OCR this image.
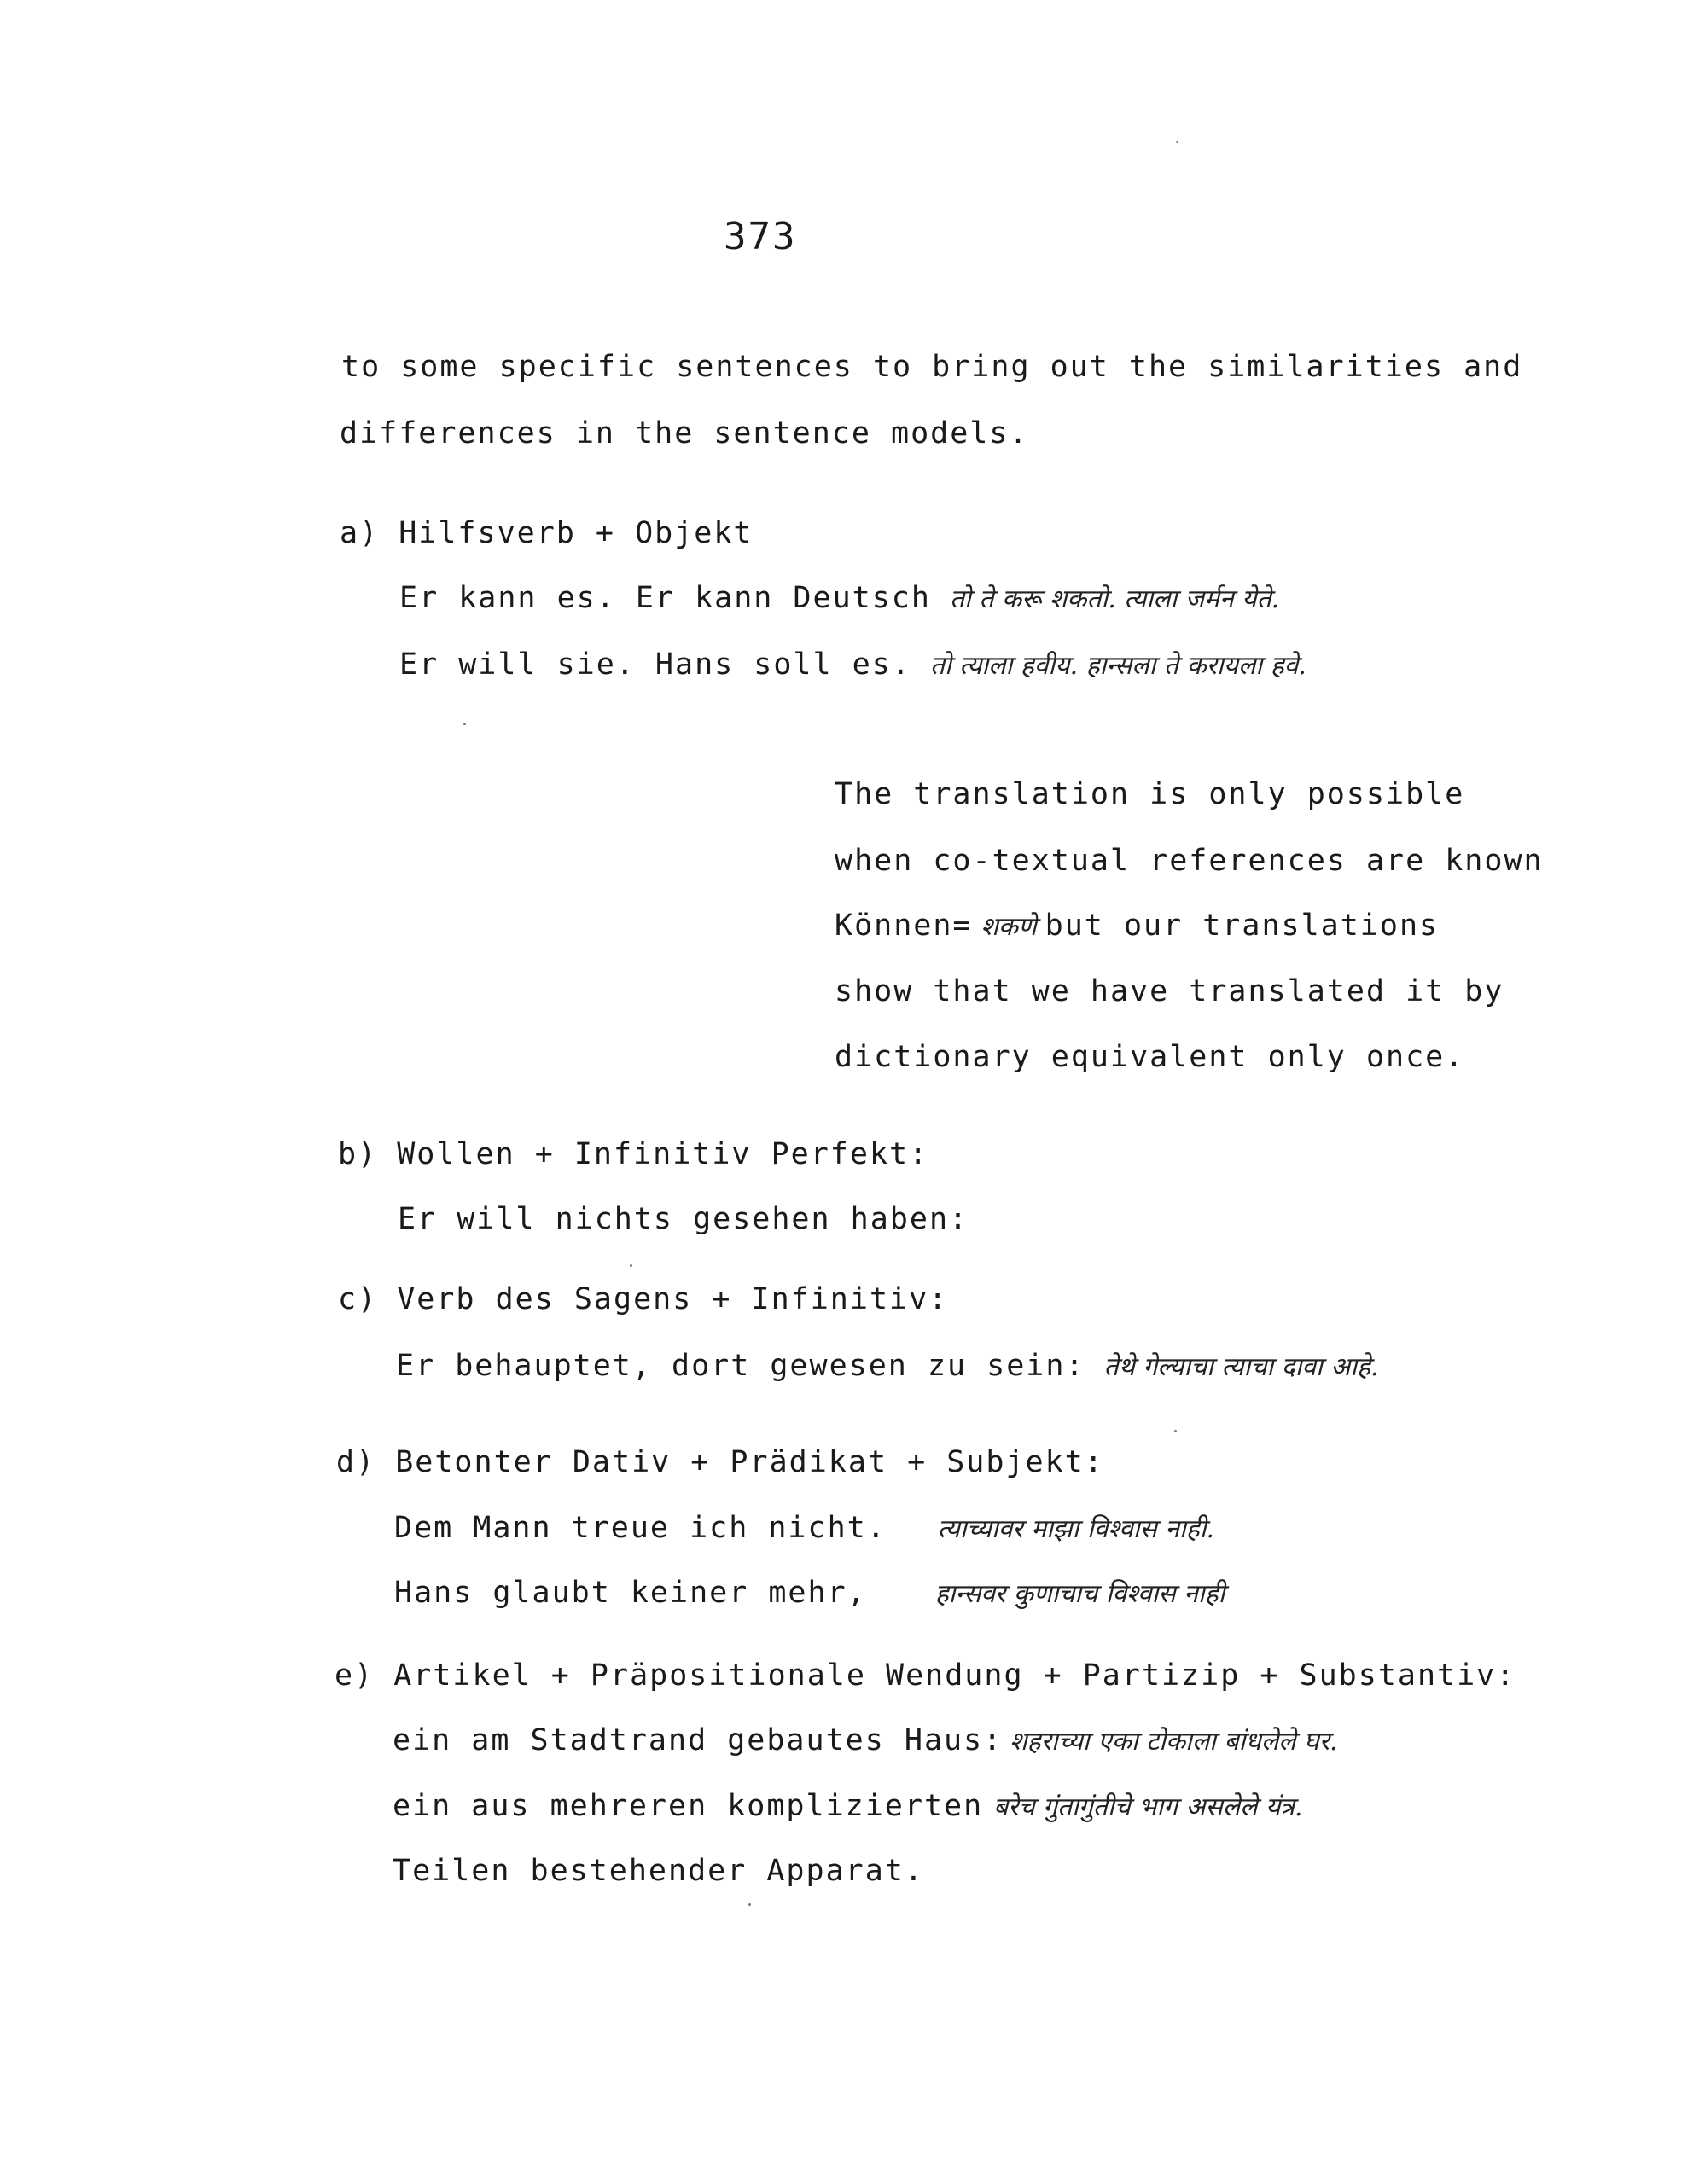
373
to some specific sentences to bring out the similarities and
differences in the sentence models.
a) Hilfsverb + Objekt
Er kann es. Er kann Deutsch तो ते करू शकतो. त्याला जर्मन येते.
Er will sie. Hans soll es. तो त्याला हवीय. हान्सला ते करायला हवे.
The translation is only possible
when co-textual references are known
Können= शकणे but our translations
show that we have translated it by
dictionary equivalent only once.
b) Wollen + Infinitiv Perfekt:
Er will nichts gesehen haben:
c) Verb des Sagens + Infinitiv:
Er behauptet, dort gewesen zu sein: तेथे गेल्याचा त्याचा दावा आहे.
d) Betonter Dativ + Prädikat + Subjekt:
Dem Mann treue ich nicht. त्याच्यावर माझा विश्वास नाही.
Hans glaubt keiner mehr,	हान्सवर कुणाचाच विश्वास नाही
e) Artikel + Präpositionale Wendung + Partizip + Substantiv:
ein am Stadtrand gebautes Haus: शहराच्या एका टोकाला बांधलेले घर.
ein aus mehreren komplizierten बरेच गुंतागुंतीचे भाग असलेले यंत्र.
Teilen bestehender Apparat.
